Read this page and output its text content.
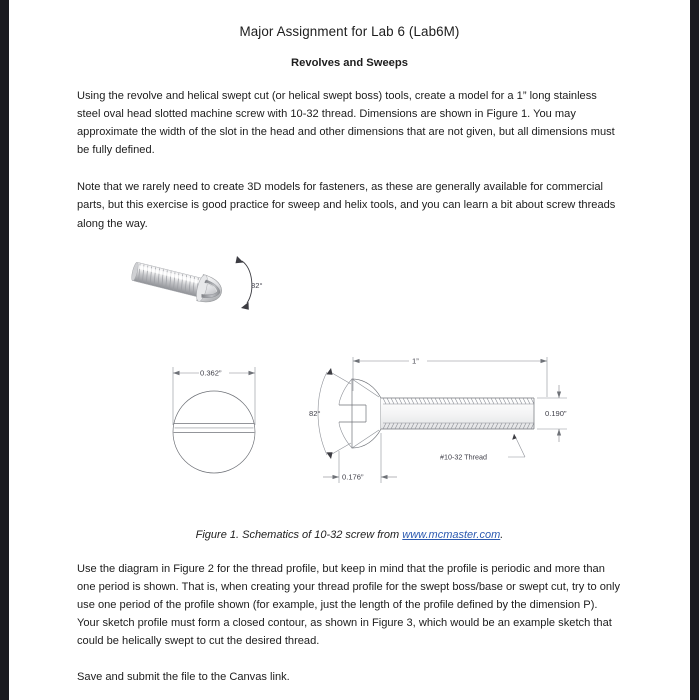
Major Assignment for Lab 6 (Lab6M)
Revolves and Sweeps

Using the revolve and helical swept cut (or helical swept boss) tools, create a model for a 1” long stainless steel oval head slotted machine screw with 10-32 thread. Dimensions are shown in Figure 1. You may approximate the width of the slot in the head and other dimensions that are not given, but all dimensions must be fully defined.

Note that we rarely need to create 3D models for fasteners, as these are generally available for commercial parts, but this exercise is good practice for sweep and helix tools, and you can learn a bit about screw threads along the way.

82°
0.362”
1”
82°	0.190”
#10-32 Thread
0.176”
Figure 1. Schematics of 10-32 screw from www.mcmaster.com.

Use the diagram in Figure 2 for the thread profile, but keep in mind that the profile is periodic and more than one period is shown. That is, when creating your thread profile for the swept boss/base or swept cut, try to only use one period of the profile shown (for example, just the length of the profile defined by the dimension P). Your sketch profile must form a closed contour, as shown in Figure 3, which would be an example sketch that could be helically swept to cut the desired thread.

Save and submit the file to the Canvas link.
